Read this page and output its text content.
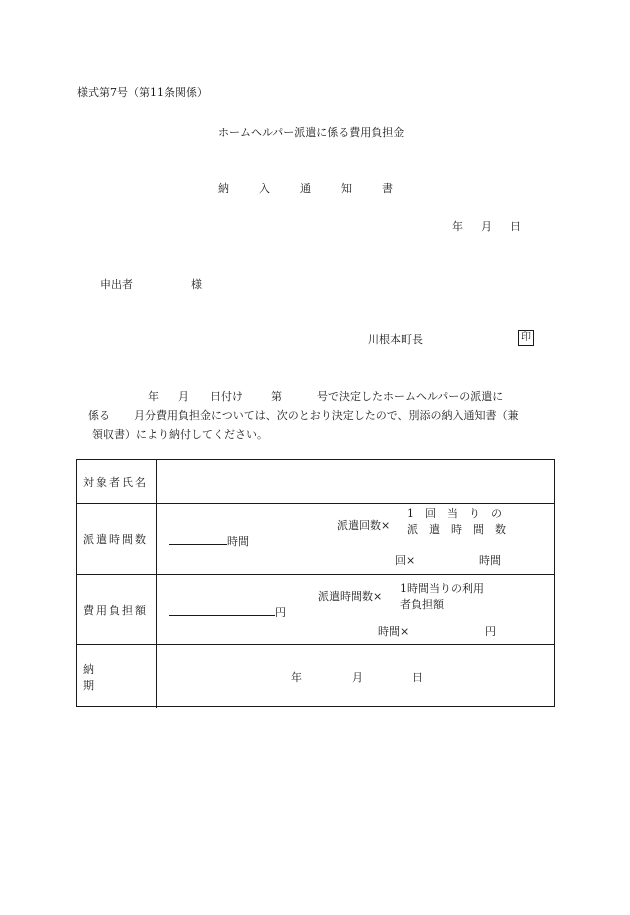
様式第7号（第11条関係）
ホームヘルパー派遣に係る費用負担金
納	入	通	知	書
年 月 日
申出者	様
川根本町長	印
年 月 日付け	第	号で決定したホームヘルパーの派遣に
係る 月分費用負担金については、次のとおり決定したので、別添の納入通知書（兼
領収書）により納付してください。
対象者氏名
派遣時間数	時間
派遣回数×
1　回　当　り　の
派　遣　時　間　数
回×	時間
費用負担額	円
派遣時間数×
1時間当りの利用
者負担額
時間×	円
納期
年	月	日
